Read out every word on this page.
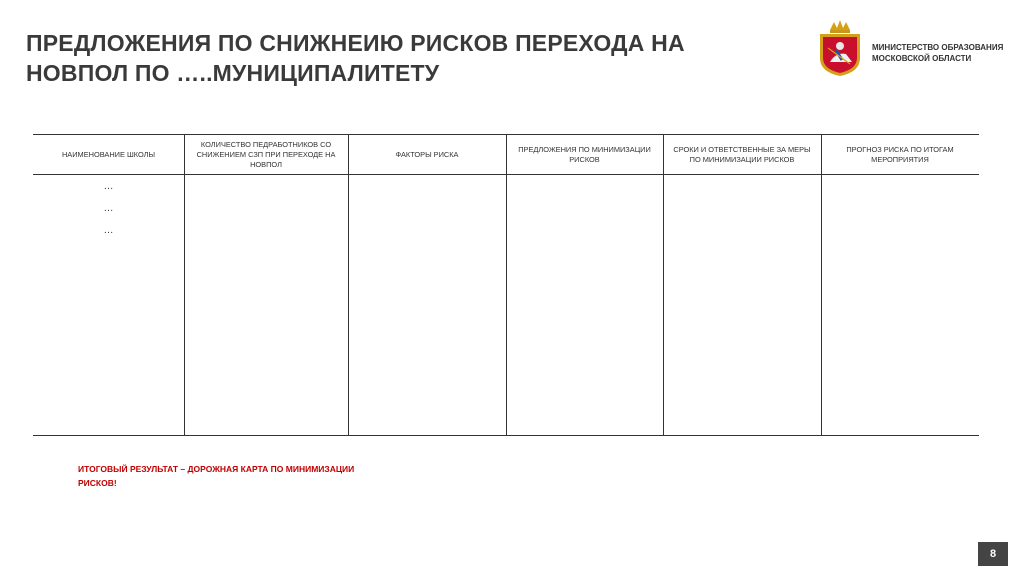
ПРЕДЛОЖЕНИЯ ПО СНИЖНЕИЮ РИСКОВ ПЕРЕХОДА НА
НОВПОЛ ПО …..МУНИЦИПАЛИТЕТУ
МИНИСТЕРСТВО ОБРАЗОВАНИЯ
МОСКОВСКОЙ ОБЛАСТИ
НАИМЕНОВАНИЕ ШКОЛЫ
КОЛИЧЕСТВО ПЕДРАБОТНИКОВ СО СНИЖЕНИЕМ СЗП ПРИ ПЕРЕХОДЕ НА НОВПОЛ
ФАКТОРЫ РИСКА
ПРЕДЛОЖЕНИЯ ПО МИНИМИЗАЦИИ РИСКОВ
СРОКИ И ОТВЕТСТВЕННЫЕ ЗА МЕРЫ ПО МИНИМИЗАЦИИ РИСКОВ
ПРОГНОЗ РИСКА ПО ИТОГАМ МЕРОПРИЯТИЯ
…
…
…
ИТОГОВЫЙ РЕЗУЛЬТАТ – ДОРОЖНАЯ КАРТА ПО МИНИМИЗАЦИИ
РИСКОВ!
8
